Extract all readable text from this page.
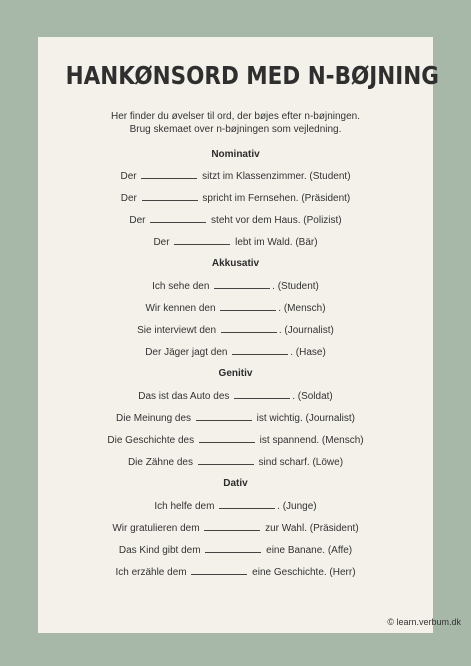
HANKØNSORD MED N-BØJNING
Her finder du øvelser til ord, der bøjes efter n-bøjningen.
Brug skemaet over n-bøjningen som vejledning.
Nominativ
Der	sitzt im Klassenzimmer. (Student)
Der	spricht im Fernsehen. (Präsident)
Der	steht vor dem Haus. (Polizist)
Der	lebt im Wald. (Bär)
Akkusativ
Ich sehe den	. (Student)
Wir kennen den	. (Mensch)
Sie interviewt den	. (Journalist)
Der Jäger jagt den	. (Hase)
Genitiv
Das ist das Auto des	. (Soldat)
Die Meinung des	ist wichtig. (Journalist)
Die Geschichte des	ist spannend. (Mensch)
Die Zähne des	sind scharf. (Löwe)
Dativ
Ich helfe dem	. (Junge)
Wir gratulieren dem	zur Wahl. (Präsident)
Das Kind gibt dem	eine Banane. (Affe)
Ich erzähle dem	eine Geschichte. (Herr)
© learn.verbum.dk
